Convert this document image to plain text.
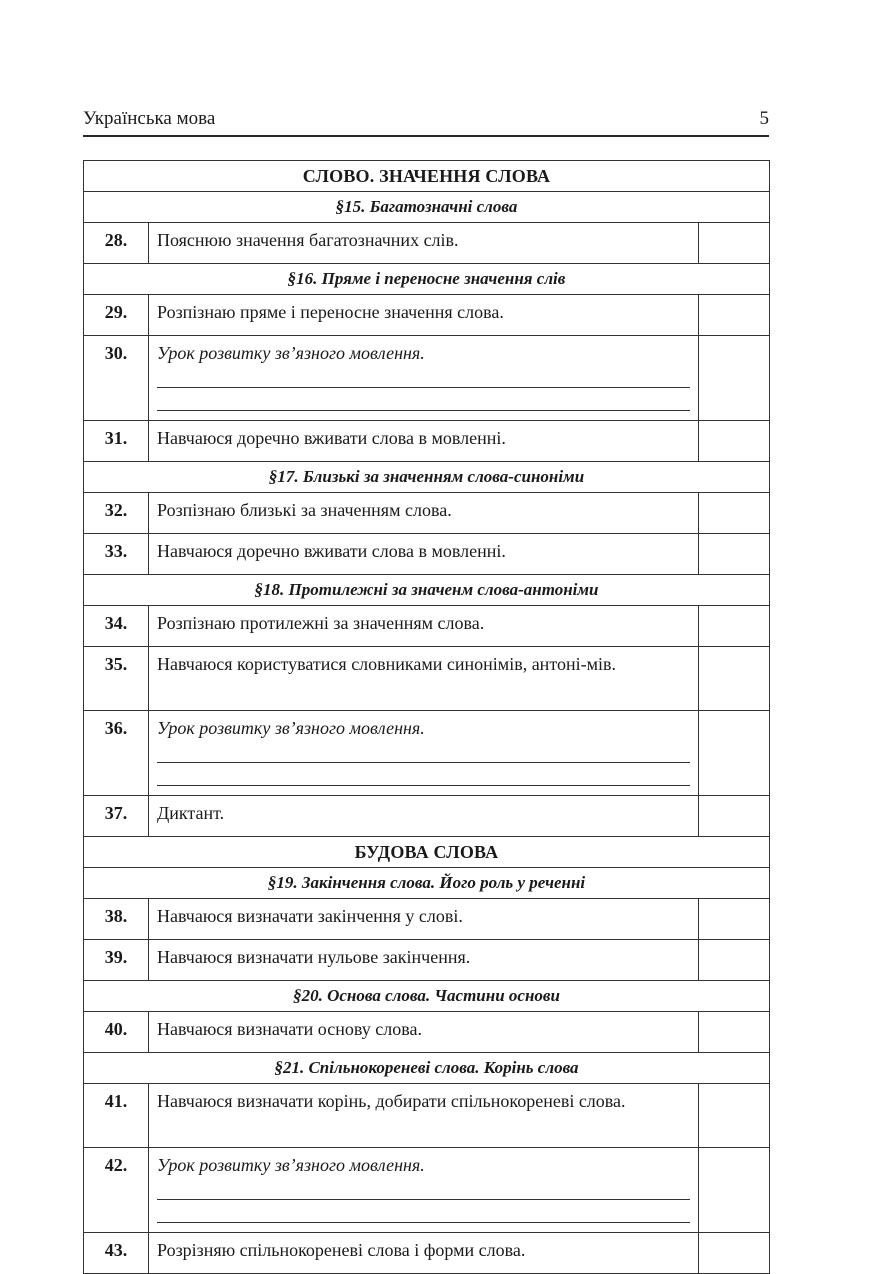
Українська мова	5
СЛОВО. ЗНАЧЕННЯ СЛОВА		
§15. Багатозначні слова		
28.	Пояснюю значення багатозначних слів.	
§16. Пряме і переносне значення слів		
29.	Розпізнаю пряме і переносне значення слова.	
30.	Урок розвитку зв’язного мовлення.	

31.	Навчаюся доречно вживати слова в мовленні.	
§17. Близькі за значенням слова-синоніми		
32.	Розпізнаю близькі за значенням слова.	
33.	Навчаюся доречно вживати слова в мовленні.	
§18. Протилежні за значенм слова-антоніми		
34.	Розпізнаю протилежні за значенням слова.	
35.	Навчаюся користуватися словниками синонімів, антоні-мів.	
36.	Урок розвитку зв’язного мовлення.	

37.	Диктант.	
БУДОВА СЛОВА		
§19. Закінчення слова. Його роль у реченні		
38.	Навчаюся визначати закінчення у слові.	
39.	Навчаюся визначати нульове закінчення.	
§20. Основа слова. Частини основи		
40.	Навчаюся визначати основу слова.	
§21. Спільнокореневі слова. Корінь слова		
41.	Навчаюся визначати корінь, добирати спільнокореневі слова.	
42.	Урок розвитку зв’язного мовлення.	

43.	Розрізняю спільнокореневі слова і форми слова.	
